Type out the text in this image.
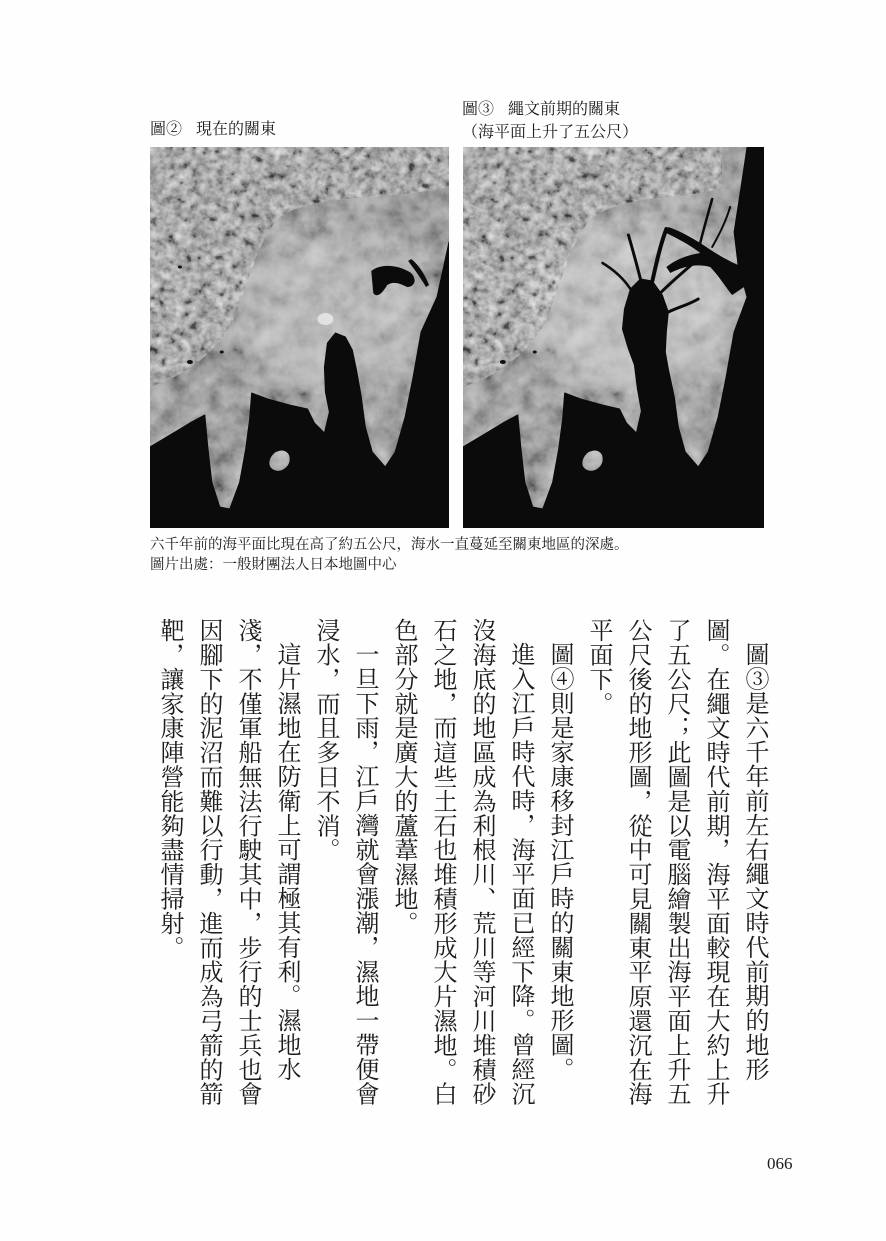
圖② 現在的關東
圖③ 繩文前期的關東
（海平面上升了五公尺）
六千年前的海平面比現在高了約五公尺，海水一直蔓延至關東地區的深處。
圖片出處：一般財團法人日本地圖中心
圖③是六千年前左右繩文時代前期的地形
圖。在繩文時代前期，海平面較現在大約上升
了五公尺；此圖是以電腦繪製出海平面上升五
公尺後的地形圖，從中可見關東平原還沉在海
平面下。
圖④則是家康移封江戶時的關東地形圖。
進入江戶時代時，海平面已經下降。曾經沉
沒海底的地區成為利根川、荒川等河川堆積砂
石之地，而這些土石也堆積形成大片濕地。白
色部分就是廣大的蘆葦濕地。
一旦下雨，江戶灣就會漲潮，濕地一帶便會
浸水，而且多日不消。
這片濕地在防衛上可謂極其有利。濕地水
淺，不僅軍船無法行駛其中，步行的士兵也會
因腳下的泥沼而難以行動，進而成為弓箭的箭
靶，讓家康陣營能夠盡情掃射。
066
